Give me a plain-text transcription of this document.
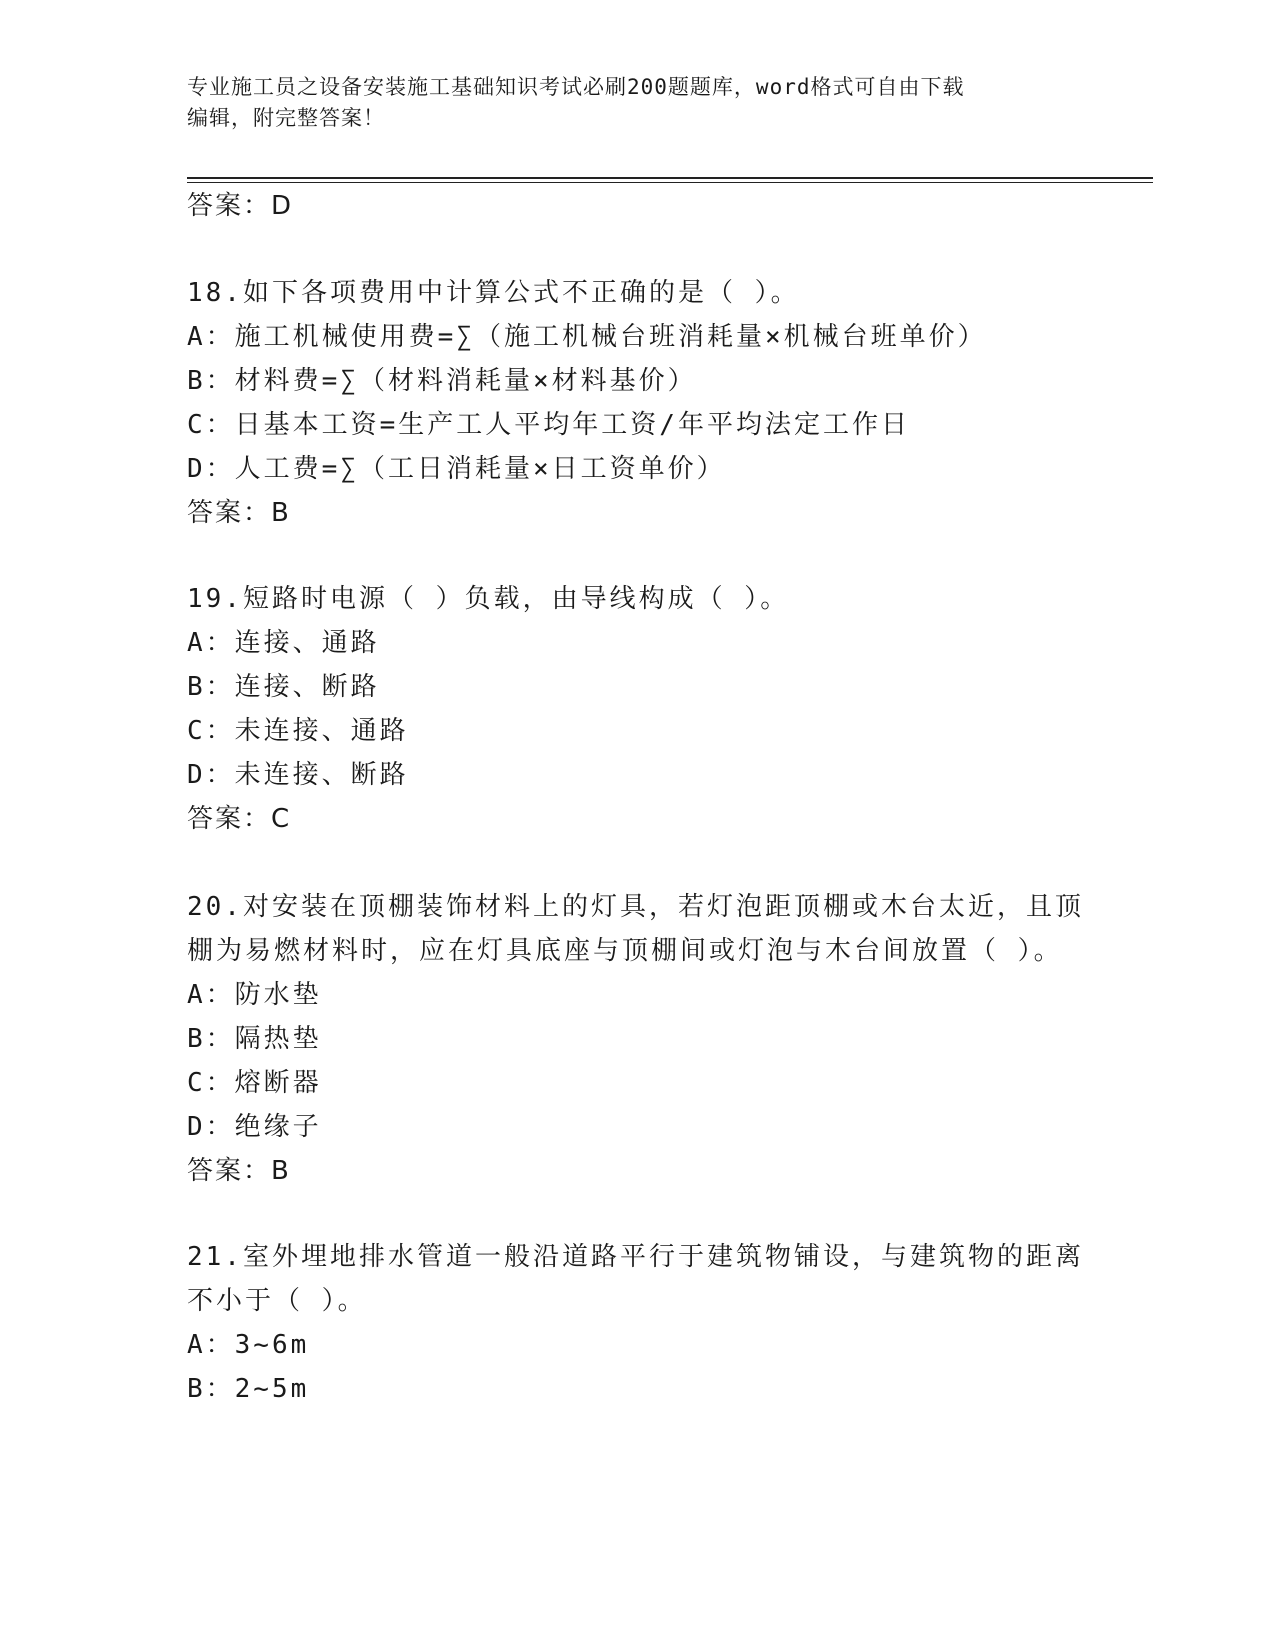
专业施工员之设备安装施工基础知识考试必刷200题题库，word格式可自由下载
编辑，附完整答案！
答案：D
18.如下各项费用中计算公式不正确的是（ ）。
A：施工机械使用费=∑（施工机械台班消耗量×机械台班单价）
B：材料费=∑（材料消耗量×材料基价）
C：日基本工资=生产工人平均年工资/年平均法定工作日
D：人工费=∑（工日消耗量×日工资单价）
答案：B
19.短路时电源（ ）负载，由导线构成（ ）。
A：连接、通路
B：连接、断路
C：未连接、通路
D：未连接、断路
答案：C
20.对安装在顶棚装饰材料上的灯具，若灯泡距顶棚或木台太近，且顶
棚为易燃材料时，应在灯具底座与顶棚间或灯泡与木台间放置（ ）。
A：防水垫
B：隔热垫
C：熔断器
D：绝缘子
答案：B
21.室外埋地排水管道一般沿道路平行于建筑物铺设，与建筑物的距离
不小于（ ）。
A：3~6m
B：2~5m
